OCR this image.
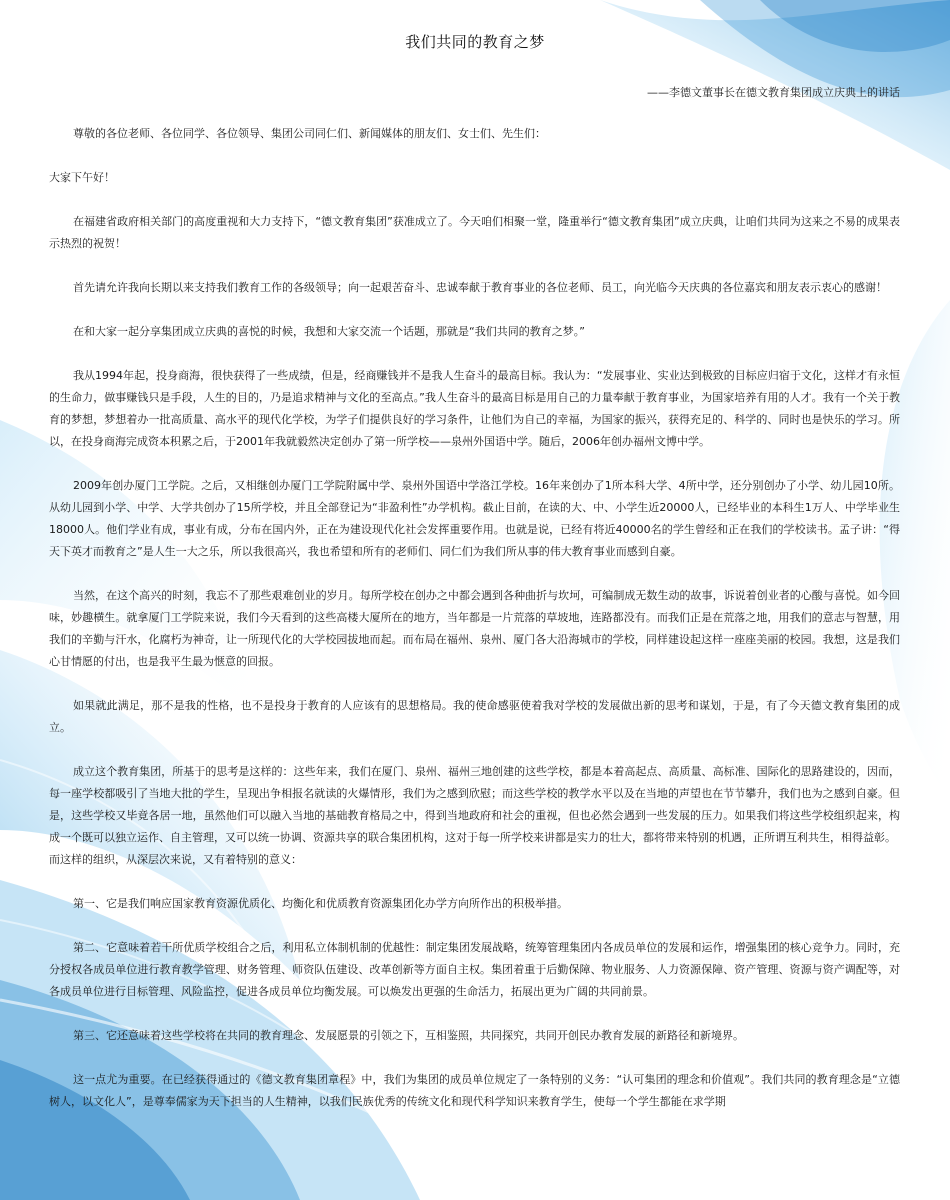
我们共同的教育之梦
——李德文董事长在德文教育集团成立庆典上的讲话

尊敬的各位老师、各位同学、各位领导、集团公司同仁们、新闻媒体的朋友们、女士们、先生们：

大家下午好！

在福建省政府相关部门的高度重视和大力支持下，“德文教育集团”获准成立了。今天咱们相聚一堂，隆重举行“德文教育集团”成立庆典，让咱们共同为这来之不易的成果表示热烈的祝贺！

首先请允许我向长期以来支持我们教育工作的各级领导；向一起艰苦奋斗、忠诚奉献于教育事业的各位老师、员工，向光临今天庆典的各位嘉宾和朋友表示衷心的感谢！

在和大家一起分享集团成立庆典的喜悦的时候，我想和大家交流一个话题，那就是“我们共同的教育之梦。”

我从1994年起，投身商海，很快获得了一些成绩，但是，经商赚钱并不是我人生奋斗的最高目标。我认为：“发展事业、实业达到极致的目标应归宿于文化，这样才有永恒的生命力，做事赚钱只是手段，人生的目的，乃是追求精神与文化的至高点。”我人生奋斗的最高目标是用自己的力量奉献于教育事业，为国家培养有用的人才。我有一个关于教育的梦想，梦想着办一批高质量、高水平的现代化学校，为学子们提供良好的学习条件，让他们为自己的幸福，为国家的振兴，获得充足的、科学的、同时也是快乐的学习。所以，在投身商海完成资本积累之后，于2001年我就毅然决定创办了第一所学校——泉州外国语中学。随后，2006年创办福州文博中学。

2009年创办厦门工学院。之后，又相继创办厦门工学院附属中学、泉州外国语中学洛江学校。16年来创办了1所本科大学、4所中学，还分别创办了小学、幼儿园10所。从幼儿园到小学、中学、大学共创办了15所学校，并且全部登记为“非盈利性”办学机构。截止目前，在读的大、中、小学生近20000人，已经毕业的本科生1万人、中学毕业生18000人。他们学业有成，事业有成，分布在国内外，正在为建设现代化社会发挥重要作用。也就是说，已经有将近40000名的学生曾经和正在我们的学校读书。孟子讲：“得天下英才而教育之”是人生一大之乐，所以我很高兴，我也希望和所有的老师们、同仁们为我们所从事的伟大教育事业而感到自豪。

当然，在这个高兴的时刻，我忘不了那些艰难创业的岁月。每所学校在创办之中都会遇到各种曲折与坎坷，可编制成无数生动的故事，诉说着创业者的心酸与喜悦。如今回味，妙趣横生。就拿厦门工学院来说，我们今天看到的这些高楼大厦所在的地方，当年都是一片荒落的草坡地，连路都没有。而我们正是在荒落之地，用我们的意志与智慧，用我们的辛勤与汗水，化腐朽为神奇，让一所现代化的大学校园拔地而起。而布局在福州、泉州、厦门各大沿海城市的学校，同样建设起这样一座座美丽的校园。我想，这是我们心甘情愿的付出，也是我平生最为惬意的回报。

如果就此满足，那不是我的性格，也不是投身于教育的人应该有的思想格局。我的使命感驱使着我对学校的发展做出新的思考和谋划，于是，有了今天德文教育集团的成立。

成立这个教育集团，所基于的思考是这样的：这些年来，我们在厦门、泉州、福州三地创建的这些学校，都是本着高起点、高质量、高标准、国际化的思路建设的，因而，每一座学校都吸引了当地大批的学生，呈现出争相报名就读的火爆情形，我们为之感到欣慰；而这些学校的教学水平以及在当地的声望也在节节攀升，我们也为之感到自豪。但是，这些学校又毕竟各居一地，虽然他们可以融入当地的基础教育格局之中，得到当地政府和社会的重视，但也必然会遇到一些发展的压力。如果我们将这些学校组织起来，构成一个既可以独立运作、自主管理，又可以统一协调、资源共享的联合集团机构，这对于每一所学校来讲都是实力的壮大，都将带来特别的机遇，正所谓互利共生，相得益彰。

而这样的组织，从深层次来说，又有着特别的意义：

第一、它是我们响应国家教育资源优质化、均衡化和优质教育资源集团化办学方向所作出的积极举措。

第二、它意味着若干所优质学校组合之后，利用私立体制机制的优越性：制定集团发展战略，统筹管理集团内各成员单位的发展和运作，增强集团的核心竞争力。同时，充分授权各成员单位进行教育教学管理、财务管理、师资队伍建设、改革创新等方面自主权。集团着重于后勤保障、物业服务、人力资源保障、资产管理、资源与资产调配等，对各成员单位进行目标管理、风险监控，促进各成员单位均衡发展。可以焕发出更强的生命活力，拓展出更为广阔的共同前景。

第三、它还意味着这些学校将在共同的教育理念、发展愿景的引领之下，互相鉴照，共同探究，共同开创民办教育发展的新路径和新境界。

这一点尤为重要。在已经获得通过的《德文教育集团章程》中，我们为集团的成员单位规定了一条特别的义务：“认可集团的理念和价值观”。我们共同的教育理念是“立德树人，以文化人”，是尊奉儒家为天下担当的人生精神，以我们民族优秀的传统文化和现代科学知识来教育学生，使每一个学生都能在求学期
